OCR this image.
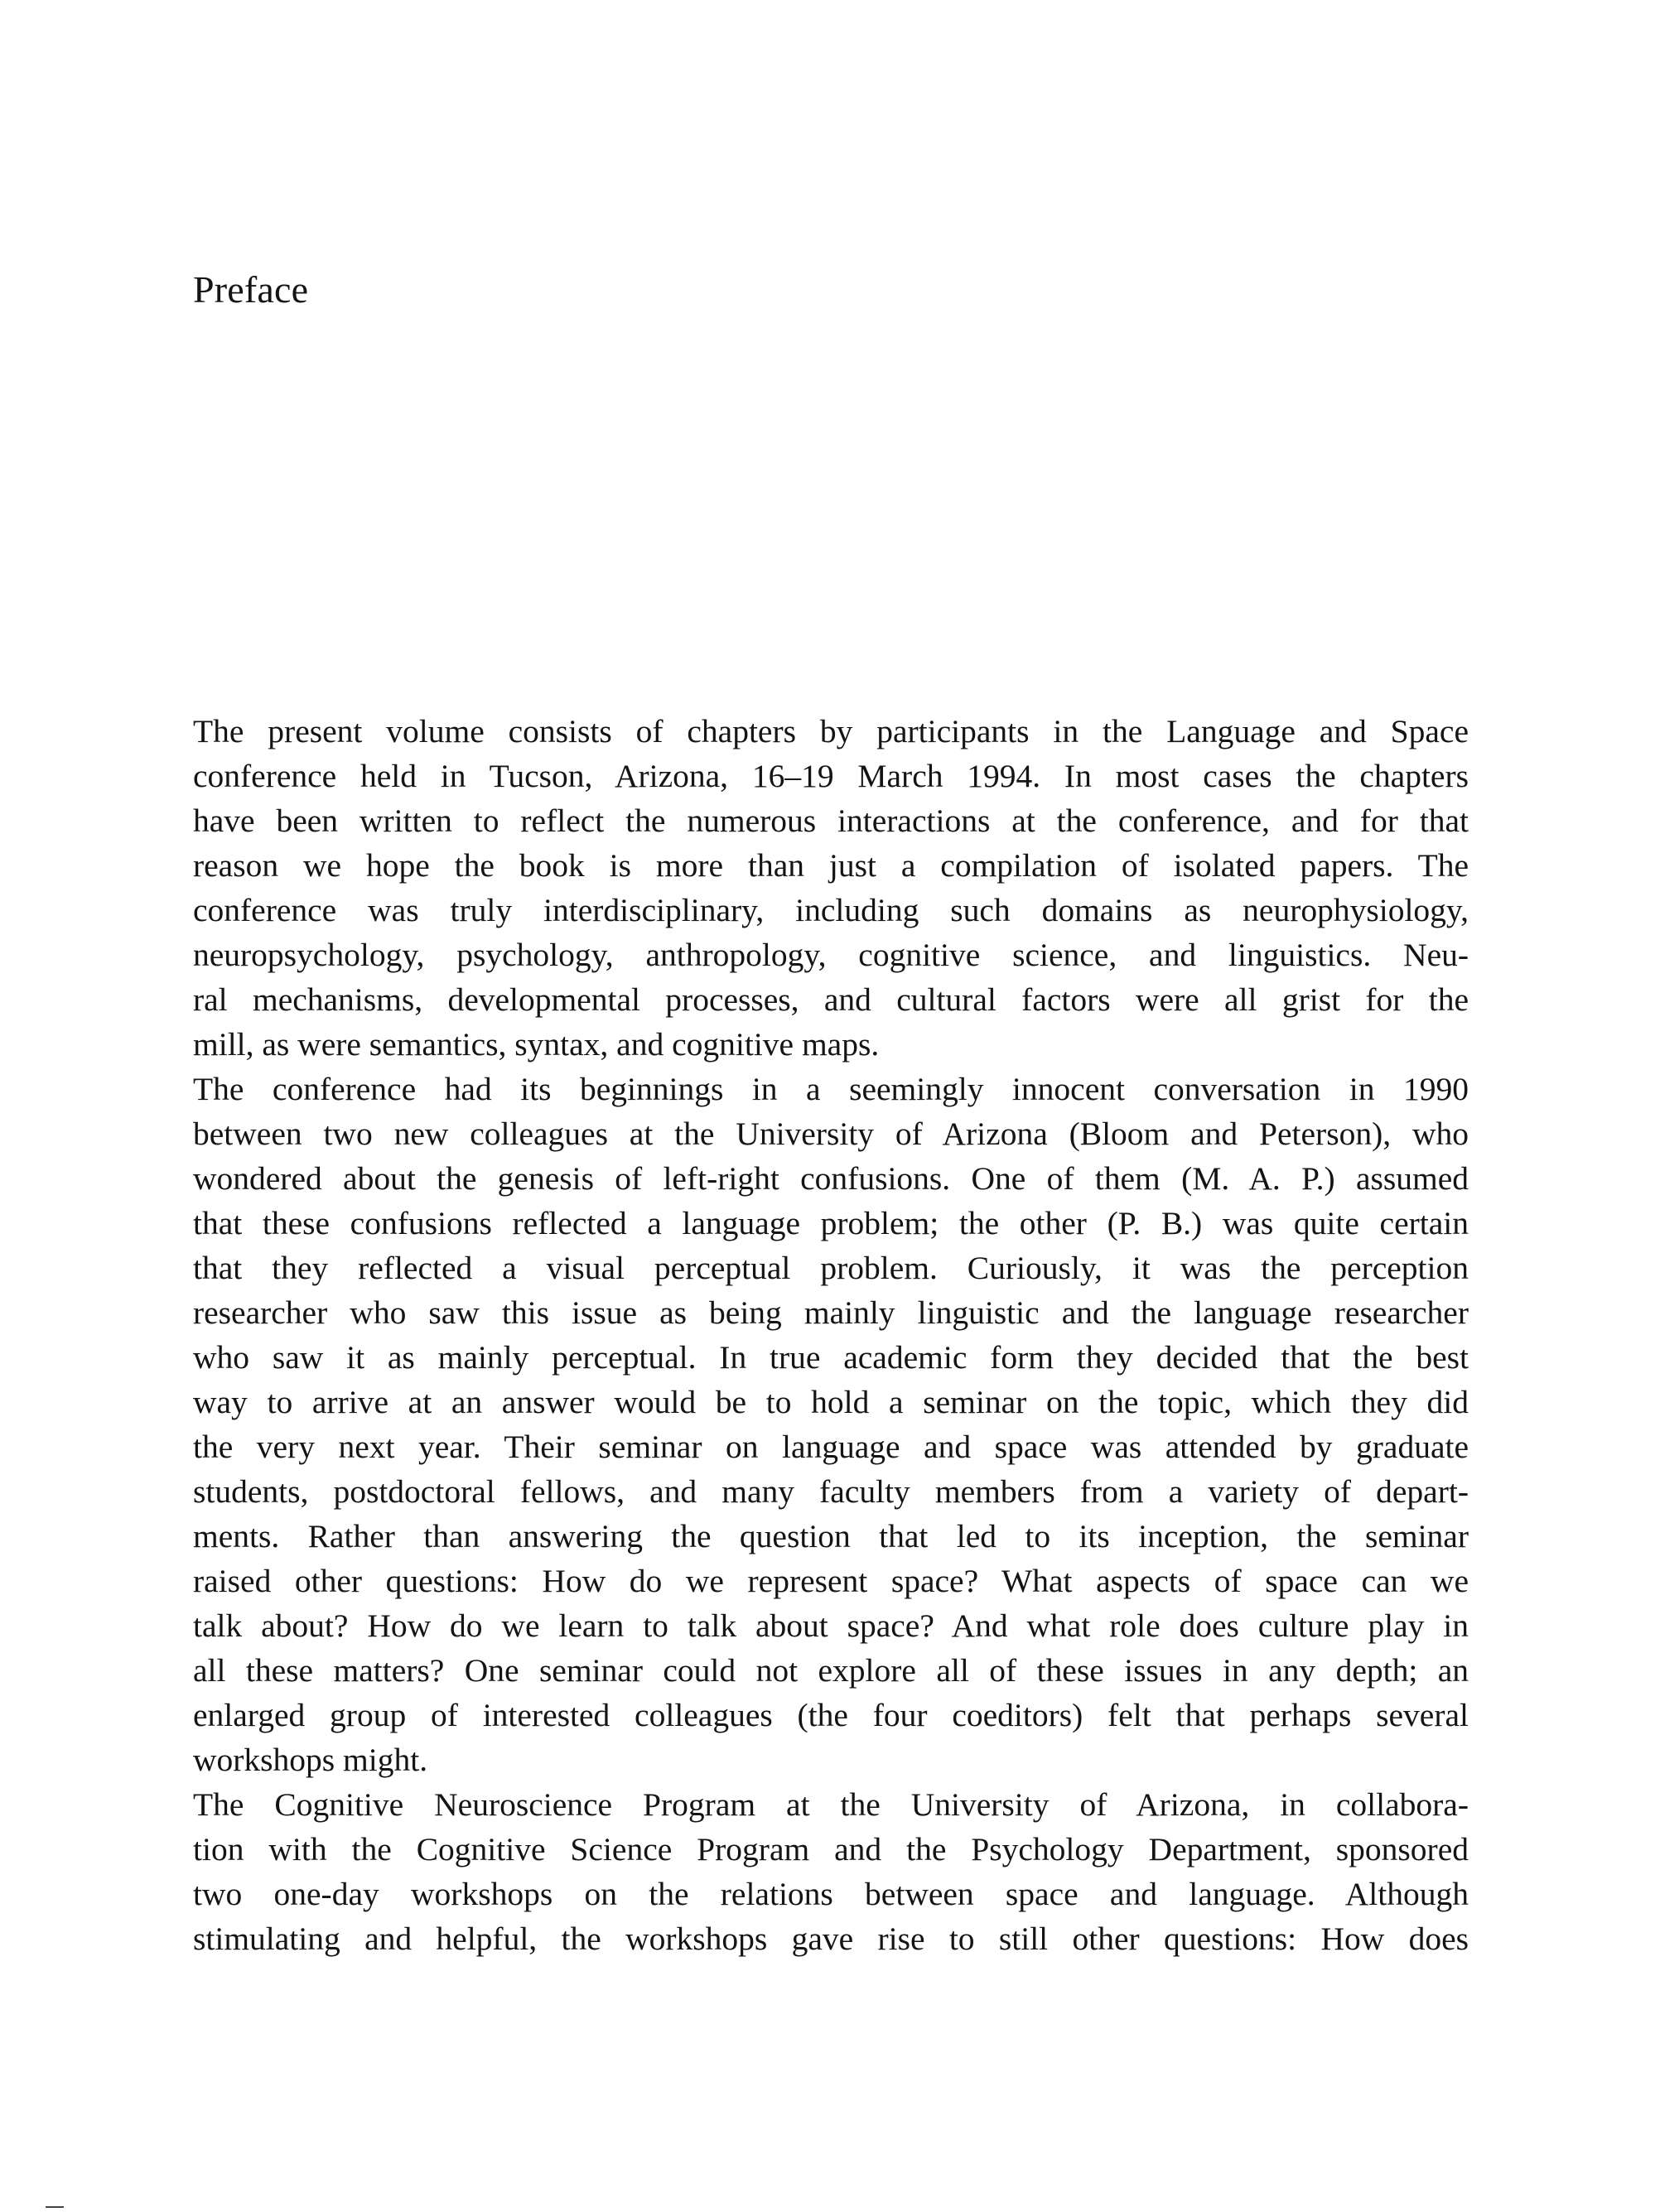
Preface
The present volume consists of chapters by participants in the Language and Space
conference held in Tucson, Arizona, 16–19 March 1994. In most cases the chapters
have been written to reflect the numerous interactions at the conference, and for that
reason we hope the book is more than just a compilation of isolated papers. The
conference was truly interdisciplinary, including such domains as neurophysiology,
neuropsychology, psychology, anthropology, cognitive science, and linguistics. Neu-
ral mechanisms, developmental processes, and cultural factors were all grist for the
mill, as were semantics, syntax, and cognitive maps.
The conference had its beginnings in a seemingly innocent conversation in 1990
between two new colleagues at the University of Arizona (Bloom and Peterson), who
wondered about the genesis of left-right confusions. One of them (M. A. P.) assumed
that these confusions reflected a language problem; the other (P. B.) was quite certain
that they reflected a visual perceptual problem. Curiously, it was the perception
researcher who saw this issue as being mainly linguistic and the language researcher
who saw it as mainly perceptual. In true academic form they decided that the best
way to arrive at an answer would be to hold a seminar on the topic, which they did
the very next year. Their seminar on language and space was attended by graduate
students, postdoctoral fellows, and many faculty members from a variety of depart-
ments. Rather than answering the question that led to its inception, the seminar
raised other questions: How do we represent space? What aspects of space can we
talk about? How do we learn to talk about space? And what role does culture play in
all these matters? One seminar could not explore all of these issues in any depth; an
enlarged group of interested colleagues (the four coeditors) felt that perhaps several
workshops might.
The Cognitive Neuroscience Program at the University of Arizona, in collabora-
tion with the Cognitive Science Program and the Psychology Department, sponsored
two one-day workshops on the relations between space and language. Although
stimulating and helpful, the workshops gave rise to still other questions: How does
